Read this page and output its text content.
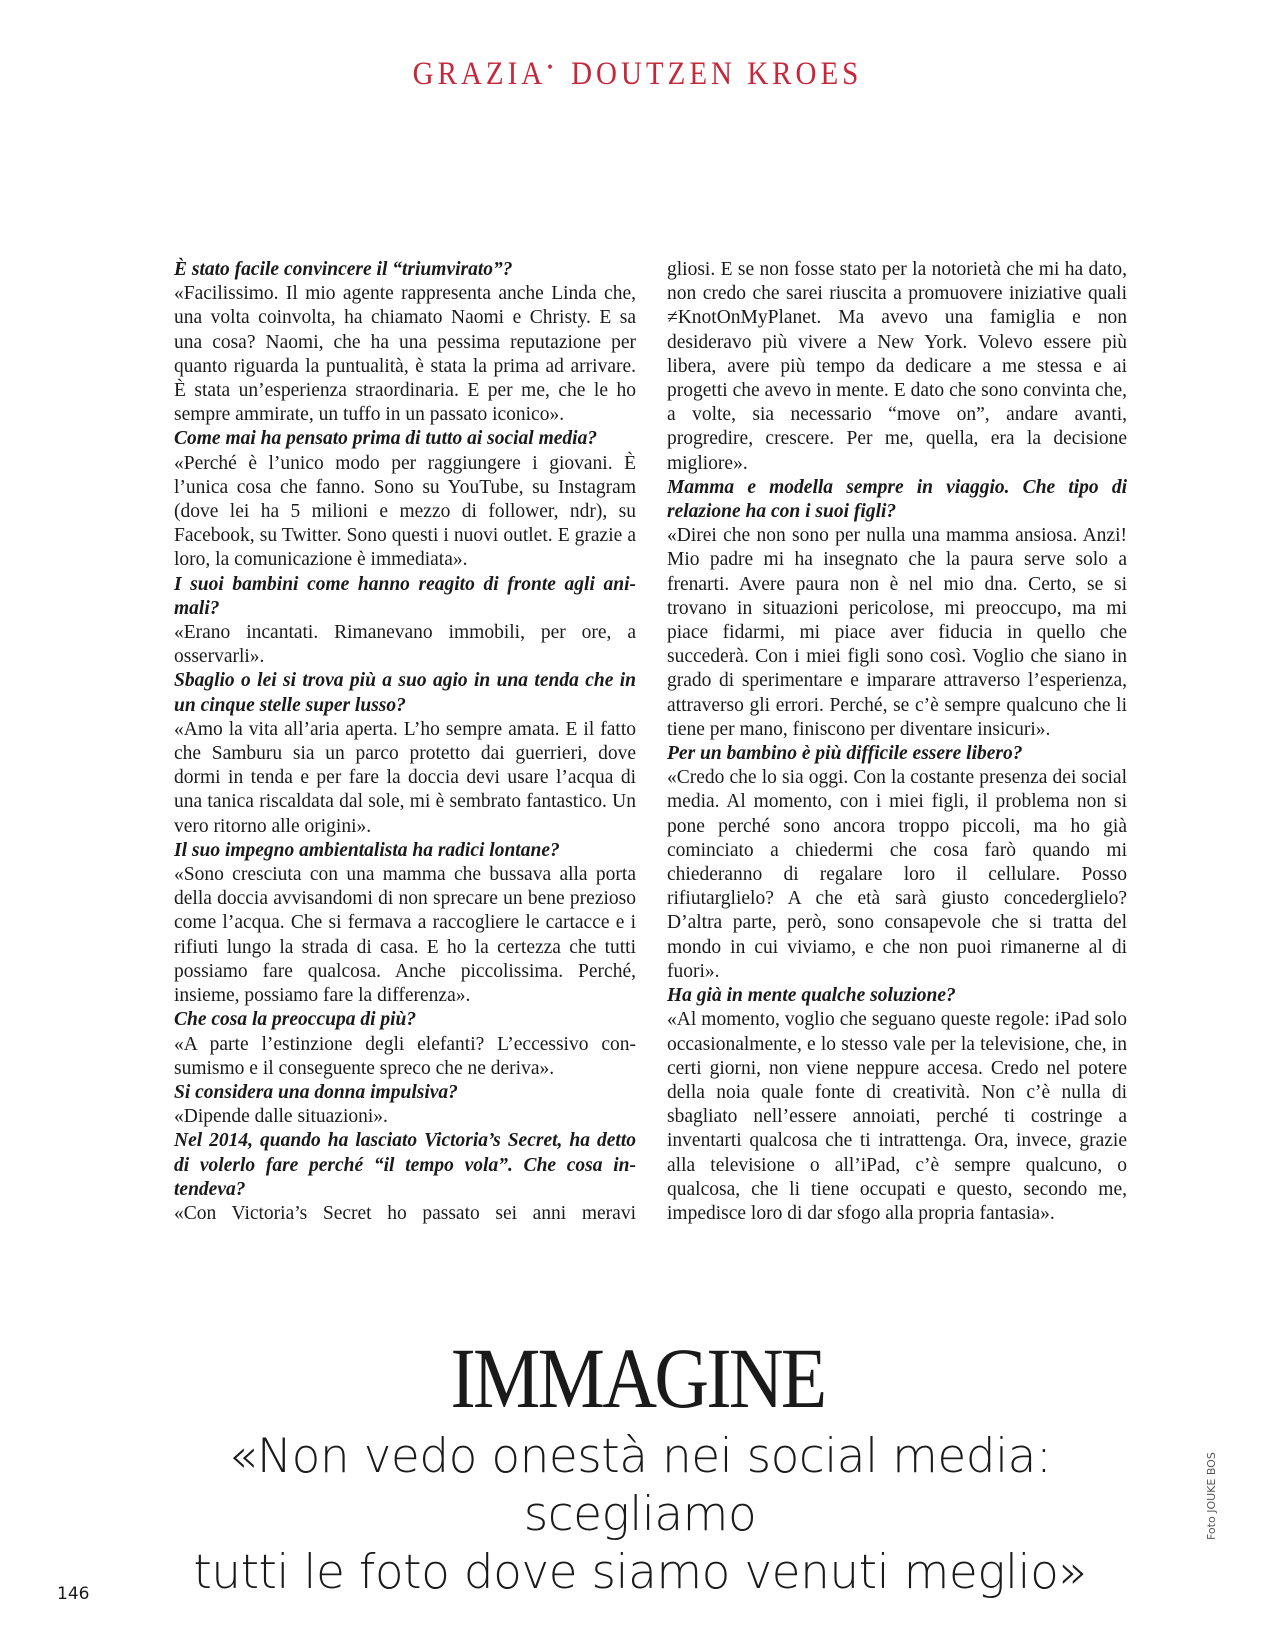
GRAZIA• DOUTZEN KROES

È stato facile convincere il “triumvirato”?

«Facilissimo. Il mio agente rappresenta anche Linda che, una volta coinvolta, ha chiamato Naomi e Christy. E sa una cosa? Naomi, che ha una pessima reputazione per quanto riguarda la puntualità, è stata la prima ad arrivare. È stata un’esperienza straordinaria. E per me, che le ho sempre ammirate, un tuffo in un passato iconico».

Come mai ha pensato prima di tutto ai social media?

«Perché è l’unico modo per raggiungere i giovani. È l’unica cosa che fanno. Sono su YouTube, su Instagram (dove lei ha 5 milioni e mezzo di follower, ndr), su Facebook, su Twitter. Sono questi i nuovi outlet. E grazie a loro, la comunicazione è immediata».

I suoi bambini come hanno reagito di fronte agli animali?

«Erano incantati. Rimanevano immobili, per ore, a osservarli».

Sbaglio o lei si trova più a suo agio in una tenda che in un cinque stelle super lusso?

«Amo la vita all’aria aperta. L’ho sempre amata. E il fatto che Samburu sia un parco protetto dai guerrieri, dove dormi in tenda e per fare la doccia devi usare l’acqua di una tanica riscaldata dal sole, mi è sembrato fantastico. Un vero ritorno alle origini».

Il suo impegno ambientalista ha radici lontane?

«Sono cresciuta con una mamma che bussava alla porta della doccia avvisandomi di non sprecare un bene prezioso come l’acqua. Che si fermava a raccogliere le cartacce e i rifiuti lungo la strada di casa. E ho la certezza che tutti possiamo fare qualcosa. Anche piccolissima. Perché, insieme, possiamo fare la differenza».

Che cosa la preoccupa di più?

«A parte l’estinzione degli elefanti? L’eccessivo consumismo e il conseguente spreco che ne deriva».

Si considera una donna impulsiva?

«Dipende dalle situazioni».

Nel 2014, quando ha lasciato Victoria’s Secret, ha detto di volerlo fare perché “il tempo vola”. Che cosa intendeva?

«Con Victoria’s Secret ho passato sei anni meravi

gliosi. E se non fosse stato per la notorietà che mi ha dato, non credo che sarei riuscita a promuovere iniziative quali ≠KnotOnMyPlanet. Ma avevo una famiglia e non desideravo più vivere a New York. Volevo essere più libera, avere più tempo da dedicare a me stessa e ai progetti che avevo in mente. E dato che sono convinta che, a volte, sia necessario “move on”, andare avanti, progredire, crescere. Per me, quella, era la decisione migliore».

Mamma e modella sempre in viaggio. Che tipo di relazione ha con i suoi figli?

«Direi che non sono per nulla una mamma ansiosa. Anzi! Mio padre mi ha insegnato che la paura serve solo a frenarti. Avere paura non è nel mio dna. Certo, se si trovano in situazioni pericolose, mi preoccupo, ma mi piace fidarmi, mi piace aver fiducia in quello che succederà. Con i miei figli sono così. Voglio che siano in grado di sperimentare e imparare attraverso l’esperienza, attraverso gli errori. Perché, se c’è sempre qualcuno che li tiene per mano, finiscono per diventare insicuri».

Per un bambino è più difficile essere libero?

«Credo che lo sia oggi. Con la costante presenza dei social media. Al momento, con i miei figli, il problema non si pone perché sono ancora troppo piccoli, ma ho già cominciato a chiedermi che cosa farò quando mi chiederanno di regalare loro il cellulare. Posso rifiutarglielo? A che età sarà giusto concederglielo? D’altra parte, però, sono consapevole che si tratta del mondo in cui viviamo, e che non puoi rimanerne al di fuori».

Ha già in mente qualche soluzione?

«Al momento, voglio che seguano queste regole: iPad solo occasionalmente, e lo stesso vale per la televisione, che, in certi giorni, non viene neppure accesa. Credo nel potere della noia quale fonte di creatività. Non c’è nulla di sbagliato nell’essere annoiati, perché ti costringe a inventarti qualcosa che ti intrattenga. Ora, invece, grazie alla televisione o all’iPad, c’è sempre qualcuno, o qualcosa, che li tiene occupati e questo, secondo me, impedisce loro di dar sfogo alla propria fantasia».

IMMAGINE
«Non vedo onestà nei social media: scegliamo
tutti le foto dove siamo venuti meglio»
Foto JOUKE BOS
146
